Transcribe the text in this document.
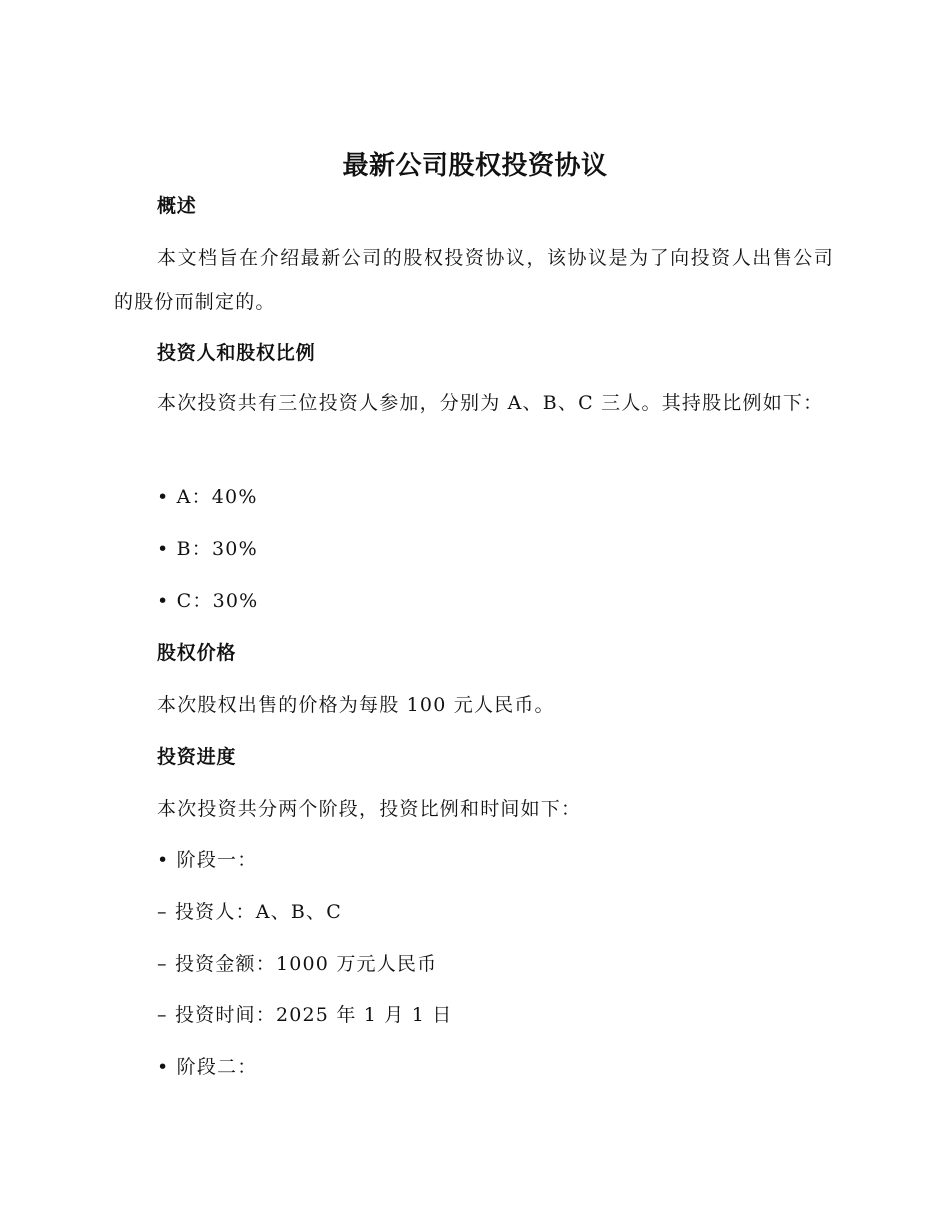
最新公司股权投资协议
概述
本文档旨在介绍最新公司的股权投资协议，该协议是为了向投资人出售公司的股份而制定的。
投资人和股权比例
本次投资共有三位投资人参加，分别为 A、B、C 三人。其持股比例如下：
• A：40%
• B：30%
• C：30%
股权价格
本次股权出售的价格为每股 100 元人民币。
投资进度
本次投资共分两个阶段，投资比例和时间如下：
• 阶段一：
– 投资人：A、B、C
– 投资金额：1000 万元人民币
– 投资时间：2025 年 1 月 1 日
• 阶段二：
